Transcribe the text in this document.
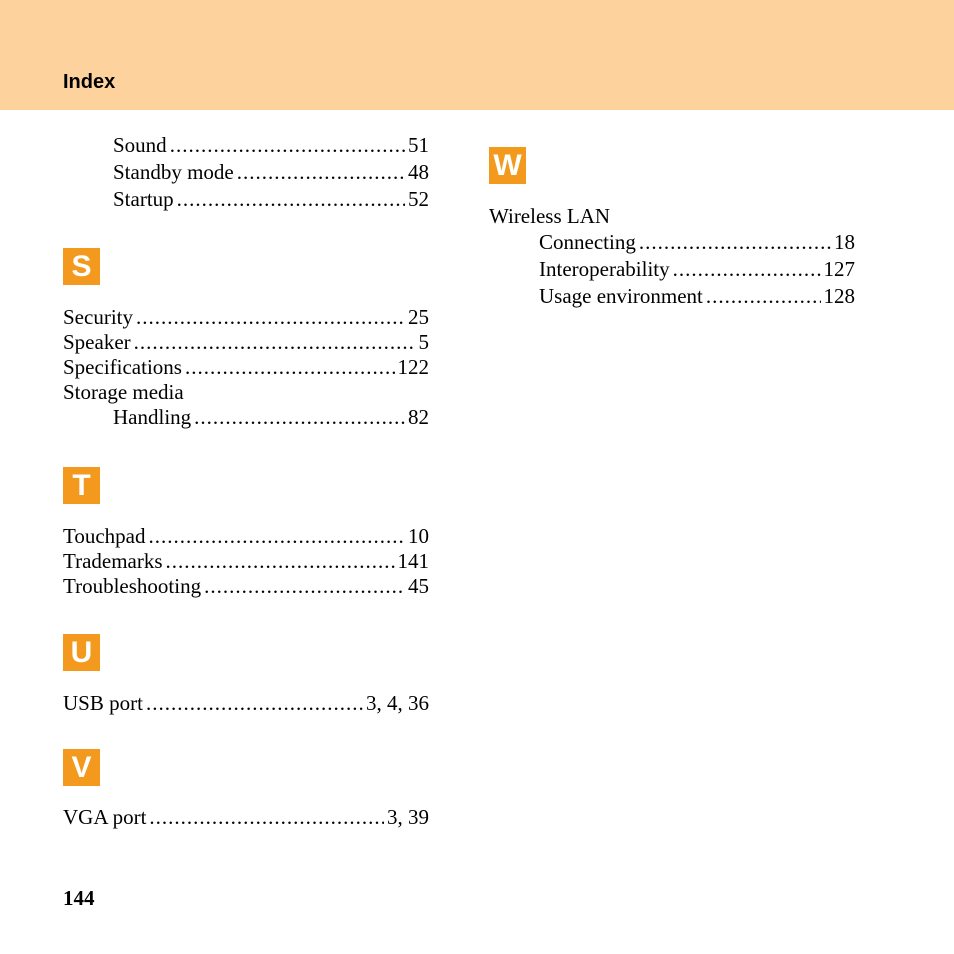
Index
Sound .....	51
Standby mode .....	48
Startup .....	52
S
Security .....	25
Speaker .....	5
Specifications .....	122
Storage media
Handling .....	82
T
Touchpad .....	10
Trademarks .....	141
Troubleshooting .....	45
U
USB port .....	3, 4, 36
V
VGA port .....	3, 39
W
Wireless LAN
Connecting .....	18
Interoperability .....	127
Usage environment .....	128
144
